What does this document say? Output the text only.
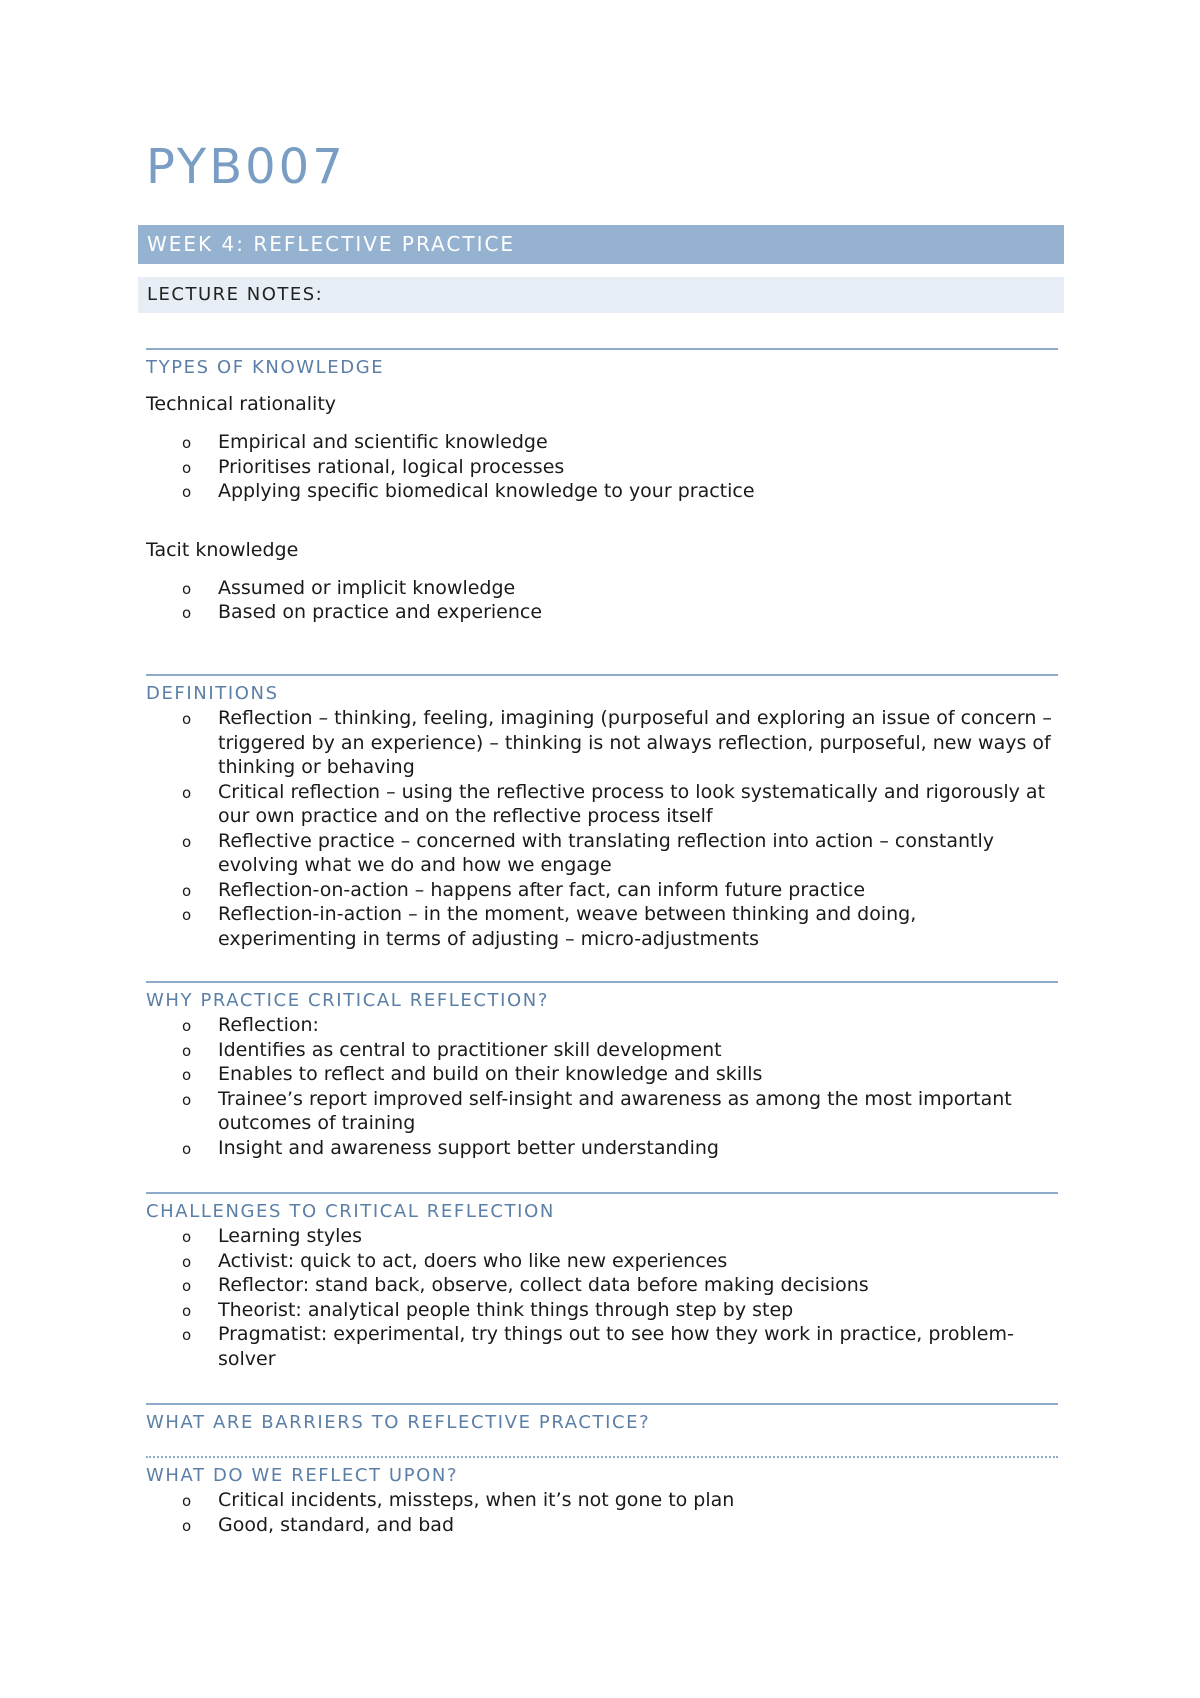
PYB007
WEEK 4: REFLECTIVE PRACTICE
LECTURE NOTES:
TYPES OF KNOWLEDGE
Technical rationality
o Empirical and scientific knowledge
o Prioritises rational, logical processes
o Applying specific biomedical knowledge to your practice
Tacit knowledge
o Assumed or implicit knowledge
o Based on practice and experience
DEFINITIONS
o Reflection – thinking, feeling, imagining (purposeful and exploring an issue of concern – triggered by an experience) – thinking is not always reflection, purposeful, new ways of thinking or behaving
o Critical reflection – using the reflective process to look systematically and rigorously at our own practice and on the reflective process itself
o Reflective practice – concerned with translating reflection into action – constantly evolving what we do and how we engage
o Reflection-on-action – happens after fact, can inform future practice
o Reflection-in-action – in the moment, weave between thinking and doing, experimenting in terms of adjusting – micro-adjustments
WHY PRACTICE CRITICAL REFLECTION?
o Reflection:
o Identifies as central to practitioner skill development
o Enables to reflect and build on their knowledge and skills
o Trainee’s report improved self-insight and awareness as among the most important outcomes of training
o Insight and awareness support better understanding
CHALLENGES TO CRITICAL REFLECTION
o Learning styles
o Activist: quick to act, doers who like new experiences
o Reflector: stand back, observe, collect data before making decisions
o Theorist: analytical people think things through step by step
o Pragmatist: experimental, try things out to see how they work in practice, problem-solver
WHAT ARE BARRIERS TO REFLECTIVE PRACTICE?
WHAT DO WE REFLECT UPON?
o Critical incidents, missteps, when it’s not gone to plan
o Good, standard, and bad
